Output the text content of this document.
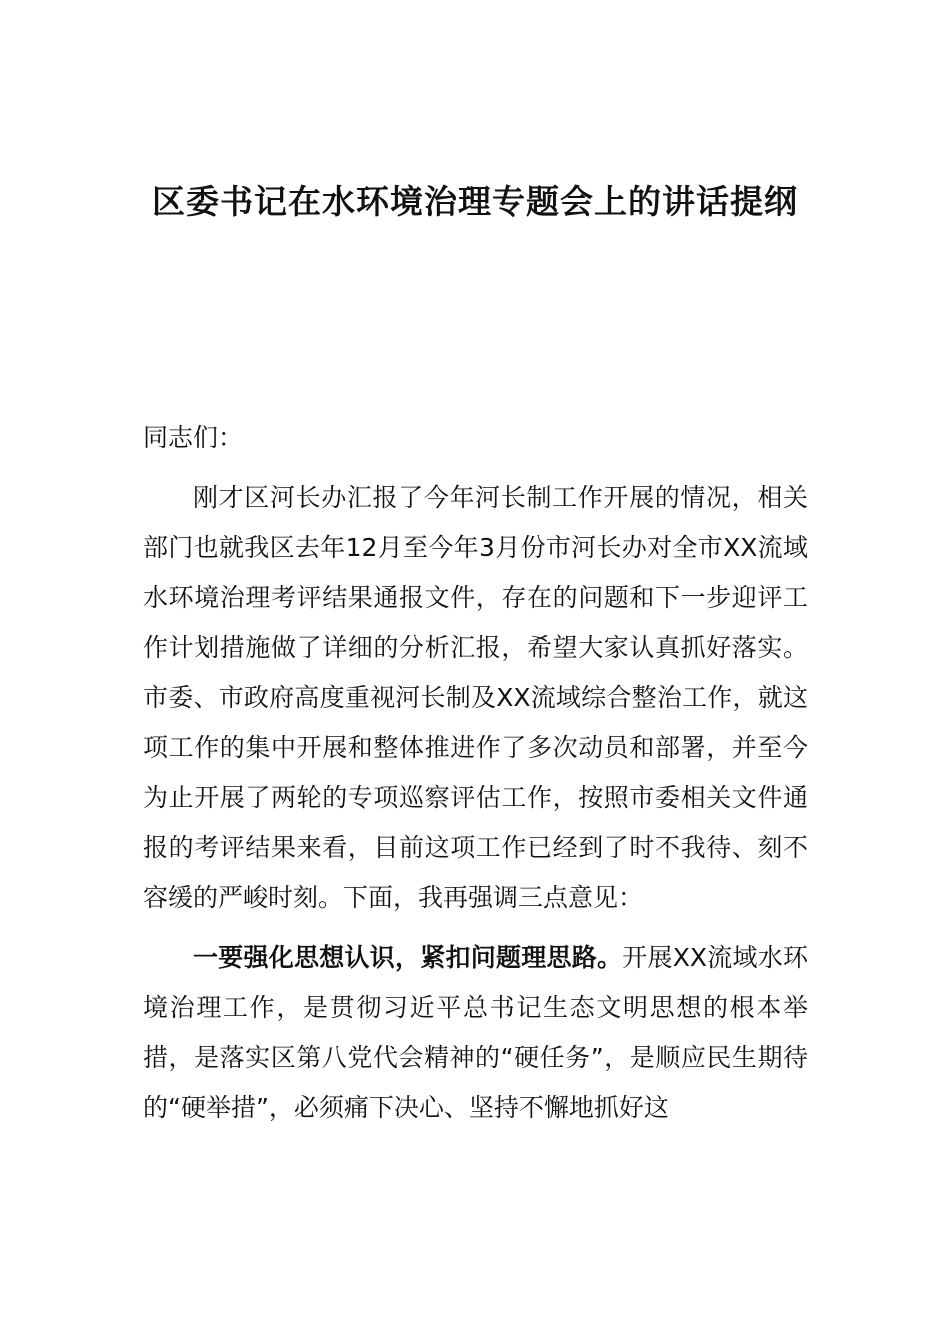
区委书记在水环境治理专题会上的讲话提纲

同志们：

刚才区河长办汇报了今年河长制工作开展的情况，相关部门也就我区去年12月至今年3月份市河长办对全市XX流域水环境治理考评结果通报文件，存在的问题和下一步迎评工作计划措施做了详细的分析汇报，希望大家认真抓好落实。市委、市政府高度重视河长制及XX流域综合整治工作，就这项工作的集中开展和整体推进作了多次动员和部署，并至今为止开展了两轮的专项巡察评估工作，按照市委相关文件通报的考评结果来看，目前这项工作已经到了时不我待、刻不容缓的严峻时刻。下面，我再强调三点意见：

一要强化思想认识，紧扣问题理思路。开展XX流域水环境治理工作，是贯彻习近平总书记生态文明思想的根本举措，是落实区第八党代会精神的“硬任务”，是顺应民生期待的“硬举措”，必须痛下决心、坚持不懈地抓好这
